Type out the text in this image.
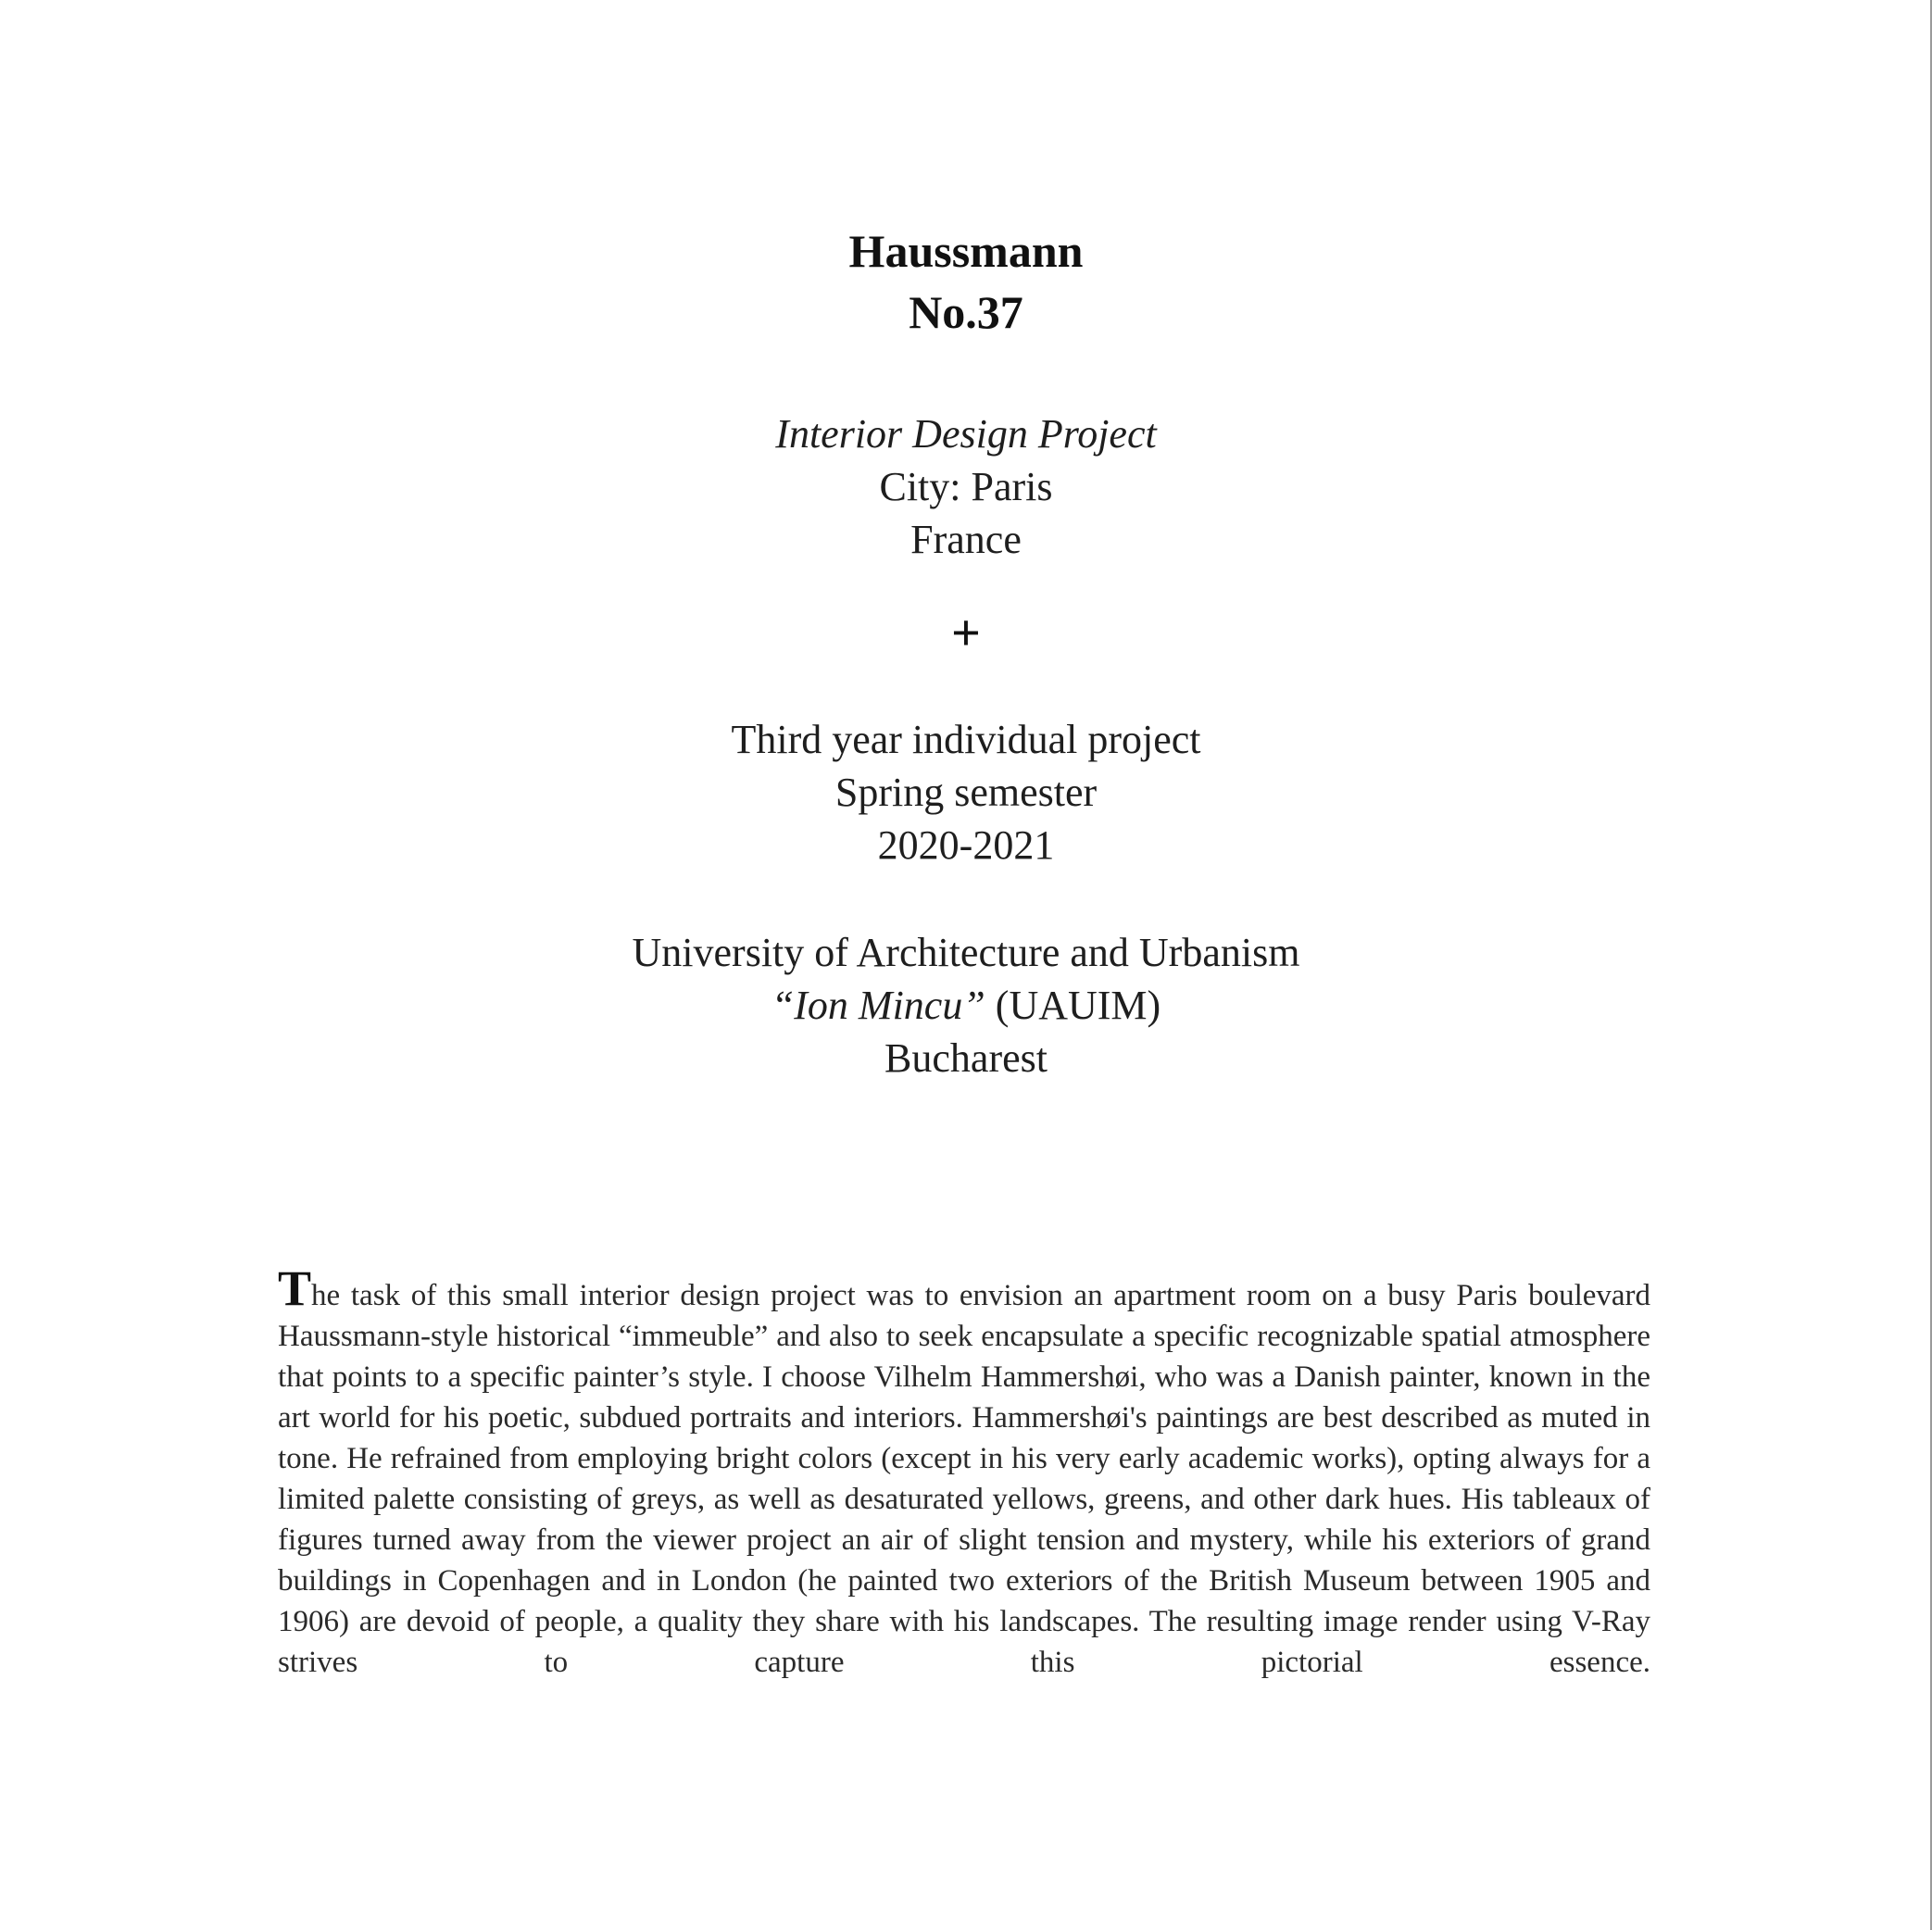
Haussmann
No.37
Interior Design Project
City: Paris
France
+
Third year individual project
Spring semester
2020-2021
University of Architecture and Urbanism
“Ion Mincu” (UAUIM)
Bucharest
The task of this small interior design project was to envision an apartment room on a busy Paris boulevard Haussmann-style historical “immeuble” and also to seek encapsulate a specific recognizable spatial atmosphere that points to a specific painter’s style. I choose Vilhelm Hammershøi, who was a Danish painter, known in the art world for his poetic, subdued portraits and interiors. Hammershøi's paintings are best described as muted in tone. He refrained from employing bright colors (except in his very early academic works), opting always for a limited palette consisting of greys, as well as desaturated yellows, greens, and other dark hues. His tableaux of figures turned away from the viewer project an air of slight tension and mystery, while his exteriors of grand buildings in Copenhagen and in London (he painted two exteriors of the British Museum between 1905 and 1906) are devoid of people, a quality they share with his landscapes. The resulting image render using V-Ray strives to capture this pictorial essence.
